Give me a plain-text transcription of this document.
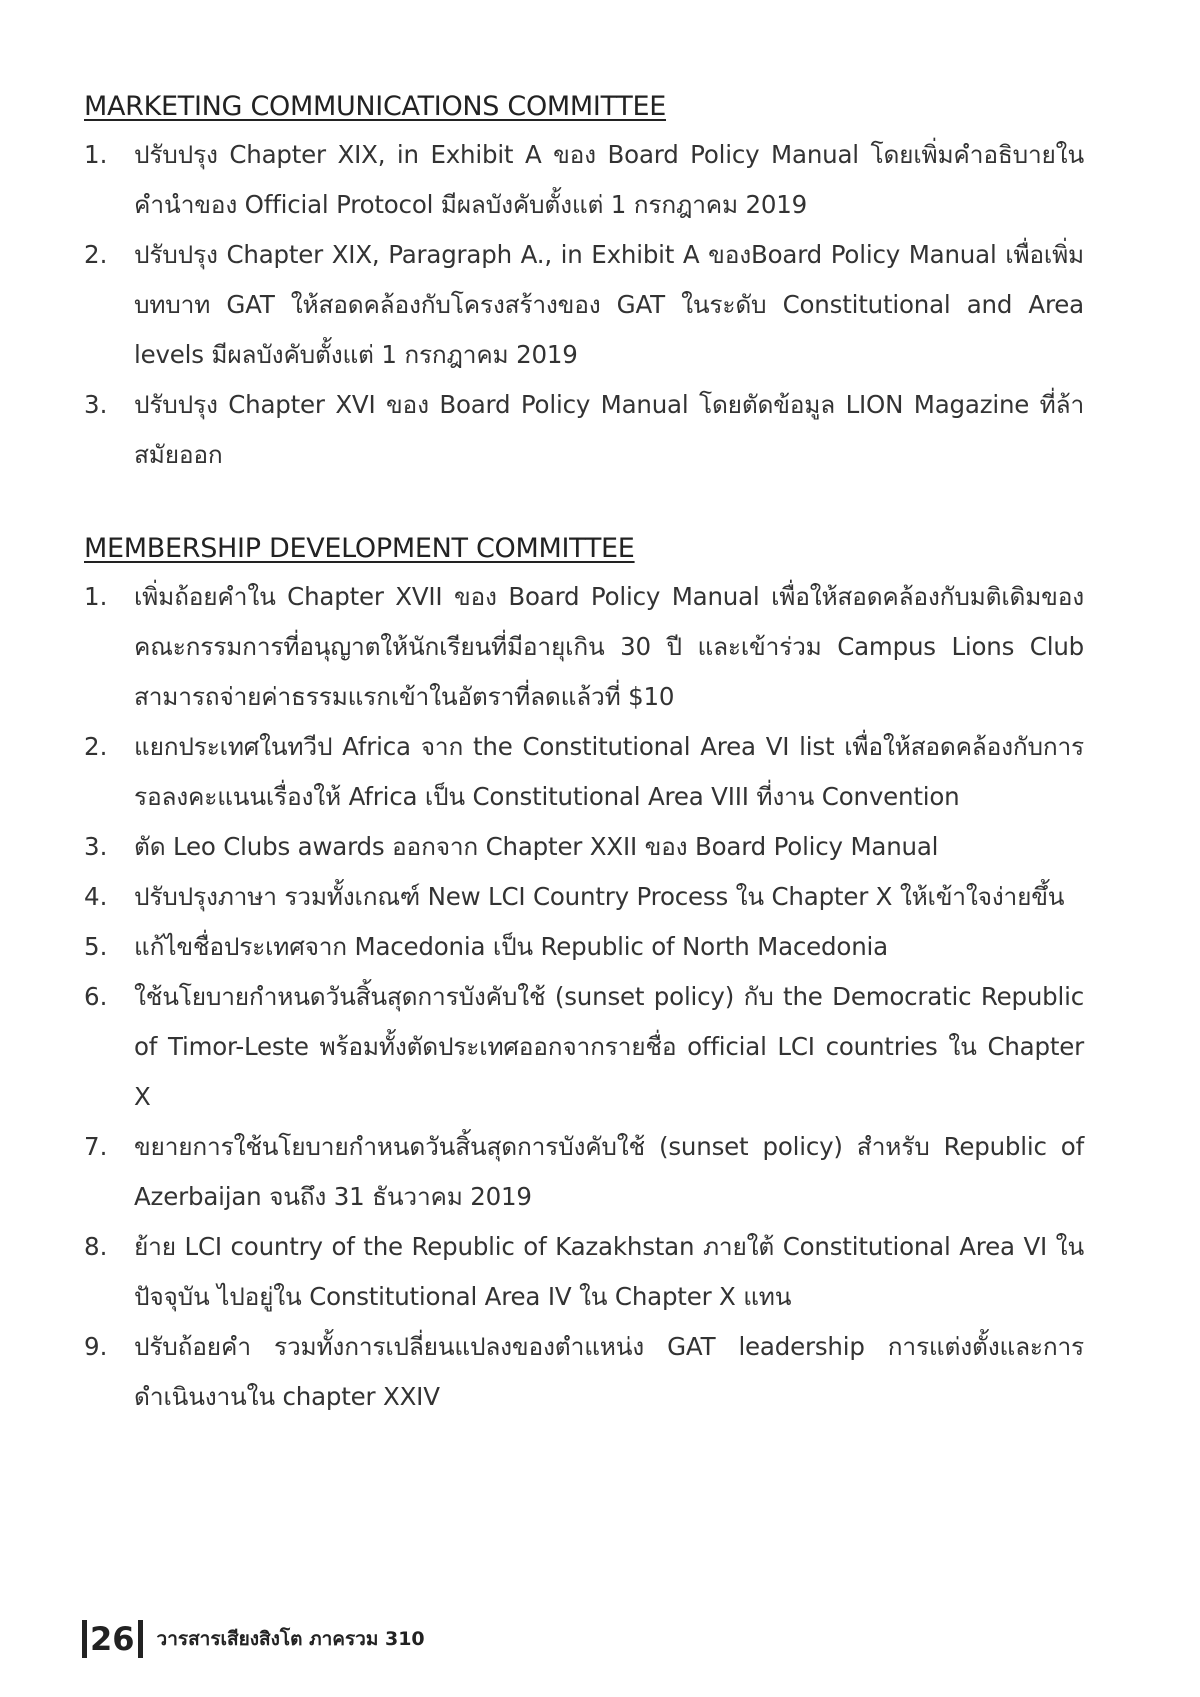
MARKETING COMMUNICATIONS COMMITTEE
1.	ปรับปรุง Chapter XIX, in Exhibit A ของ Board Policy Manual โดยเพิ่มคำอธิบายในคำนำของ Official Protocol มีผลบังคับตั้งแต่ 1 กรกฎาคม 2019
2.	ปรับปรุง Chapter XIX, Paragraph A., in Exhibit A ของBoard Policy Manual เพื่อเพิ่มบทบาท GAT ให้สอดคล้องกับโครงสร้างของ GAT ในระดับ Constitutional and Area levels มีผลบังคับตั้งแต่ 1 กรกฎาคม 2019
3.	ปรับปรุง Chapter XVI ของ Board Policy Manual โดยตัดข้อมูล LION Magazine ที่ล้าสมัยออก
MEMBERSHIP DEVELOPMENT COMMITTEE
1.	เพิ่มถ้อยคำใน Chapter XVII ของ Board Policy Manual เพื่อให้สอดคล้องกับมติเดิมของคณะกรรมการที่อนุญาตให้นักเรียนที่มีอายุเกิน 30 ปี และเข้าร่วม Campus Lions Club สามารถจ่ายค่าธรรมแรกเข้าในอัตราที่ลดแล้วที่ $10
2.	แยกประเทศในทวีป Africa จาก the Constitutional Area VI list เพื่อให้สอดคล้องกับการรอลงคะแนนเรื่องให้ Africa เป็น Constitutional Area VIII ที่งาน Convention
3.	ตัด Leo Clubs awards ออกจาก Chapter XXII ของ Board Policy Manual
4.	ปรับปรุงภาษา รวมทั้งเกณฑ์ New LCI Country Process ใน Chapter X ให้เข้าใจง่ายขึ้น
5.	แก้ไขชื่อประเทศจาก Macedonia เป็น Republic of North Macedonia
6.	ใช้นโยบายกำหนดวันสิ้นสุดการบังคับใช้ (sunset policy) กับ the Democratic Republic of Timor-Leste พร้อมทั้งตัดประเทศออกจากรายชื่อ official LCI countries ใน Chapter X
7.	ขยายการใช้นโยบายกำหนดวันสิ้นสุดการบังคับใช้ (sunset policy) สำหรับ Republic of Azerbaijan จนถึง 31 ธันวาคม 2019
8.	ย้าย LCI country of the Republic of Kazakhstan ภายใต้ Constitutional Area VI ในปัจจุบัน ไปอยู่ใน Constitutional Area IV ใน Chapter X แทน
9.	ปรับถ้อยคำ รวมทั้งการเปลี่ยนแปลงของตำแหน่ง GAT leadership การแต่งตั้งและการดำเนินงานใน chapter XXIV
26 วารสารเสียงสิงโต ภาครวม 310
